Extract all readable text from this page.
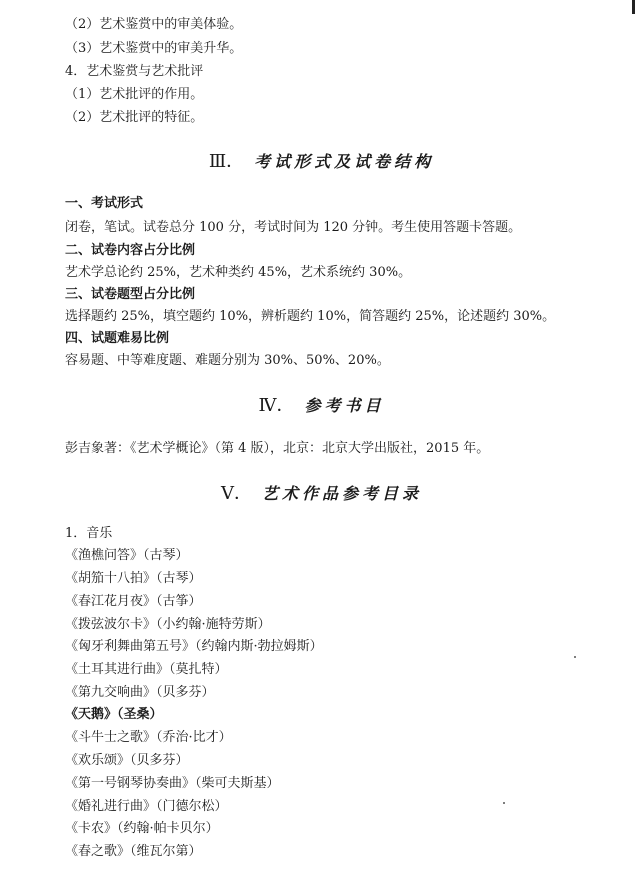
（2）艺术鉴赏中的审美体验。
（3）艺术鉴赏中的审美升华。
4．艺术鉴赏与艺术批评
（1）艺术批评的作用。
（2）艺术批评的特征。
Ⅲ． 考试形式及试卷结构
一、考试形式
闭卷，笔试。试卷总分 100 分，考试时间为 120 分钟。考生使用答题卡答题。
二、试卷内容占分比例
艺术学总论约 25%，艺术种类约 45%，艺术系统约 30%。
三、试卷题型占分比例
选择题约 25%，填空题约 10%，辨析题约 10%，简答题约 25%，论述题约 30%。
四、试题难易比例
容易题、中等难度题、难题分别为 30%、50%、20%。
Ⅳ． 参考书目
彭吉象著：《艺术学概论》（第 4 版），北京：北京大学出版社，2015 年。
Ⅴ． 艺术作品参考目录
1．音乐
《渔樵问答》（古琴）
《胡笳十八拍》（古琴）
《春江花月夜》（古筝）
《拨弦波尔卡》（小约翰·施特劳斯）
《匈牙利舞曲第五号》（约翰内斯·勃拉姆斯）
《土耳其进行曲》（莫扎特）
《第九交响曲》（贝多芬）
《天鹅》（圣桑）
《斗牛士之歌》（乔治·比才）
《欢乐颂》（贝多芬）
《第一号钢琴协奏曲》（柴可夫斯基）
《婚礼进行曲》（门德尔松）
《卡农》（约翰·帕卡贝尔）
《春之歌》（维瓦尔第）
